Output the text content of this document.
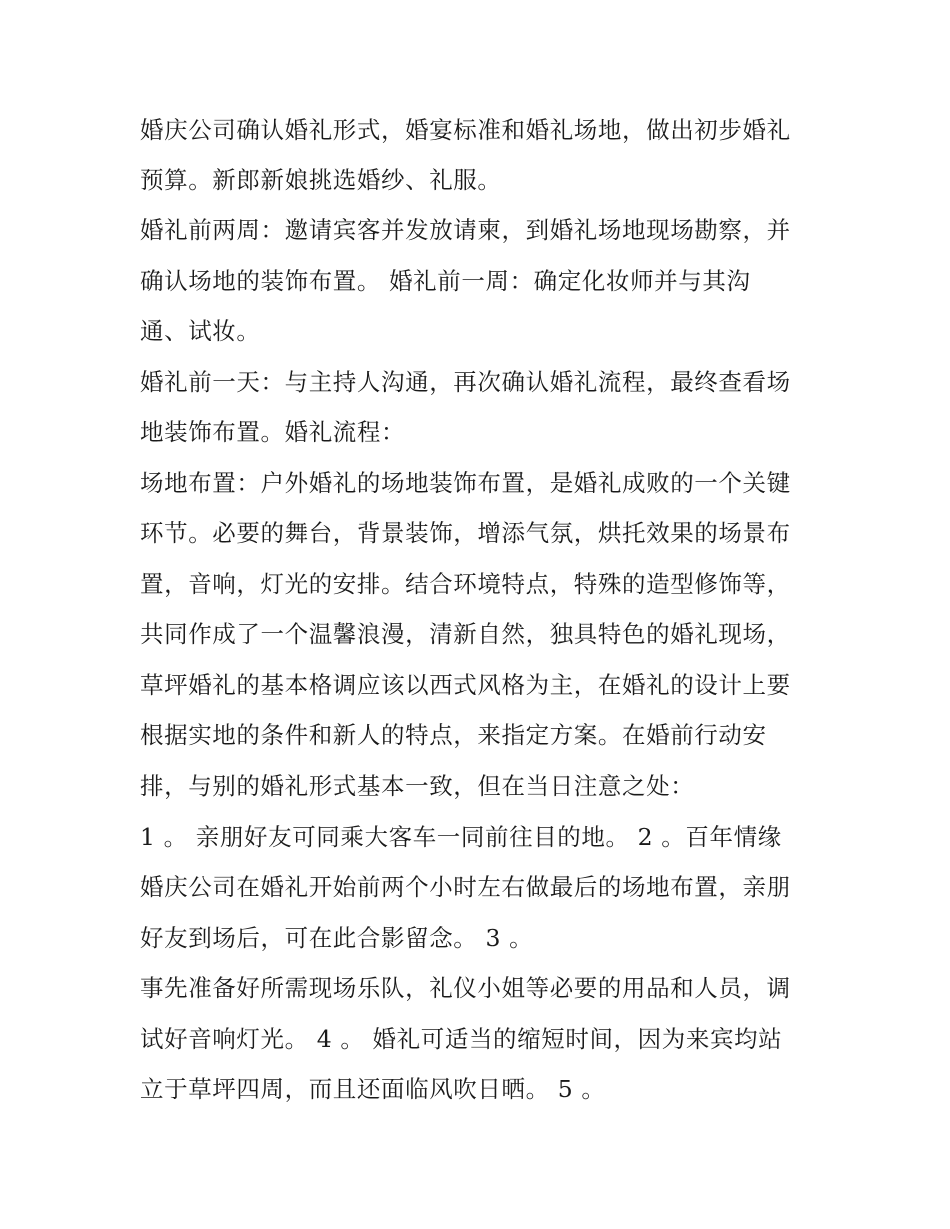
婚庆公司确认婚礼形式，婚宴标准和婚礼场地，做出初步婚礼
预算。新郎新娘挑选婚纱、礼服。
婚礼前两周：邀请宾客并发放请柬，到婚礼场地现场勘察，并
确认场地的装饰布置。 婚礼前一周：确定化妆师并与其沟
通、试妆。
婚礼前一天：与主持人沟通，再次确认婚礼流程，最终查看场
地装饰布置。婚礼流程：
场地布置：户外婚礼的场地装饰布置，是婚礼成败的一个关键
环节。必要的舞台，背景装饰，增添气氛，烘托效果的场景布
置，音响，灯光的安排。结合环境特点，特殊的造型修饰等，
共同作成了一个温馨浪漫，清新自然，独具特色的婚礼现场，
草坪婚礼的基本格调应该以西式风格为主，在婚礼的设计上要
根据实地的条件和新人的特点，来指定方案。在婚前行动安
排，与别的婚礼形式基本一致，但在当日注意之处：
1 。 亲朋好友可同乘大客车一同前往目的地。 2 。百年情缘
婚庆公司在婚礼开始前两个小时左右做最后的场地布置，亲朋
好友到场后，可在此合影留念。 3 。
事先准备好所需现场乐队，礼仪小姐等必要的用品和人员，调
试好音响灯光。 4 。 婚礼可适当的缩短时间，因为来宾均站
立于草坪四周，而且还面临风吹日晒。 5 。
